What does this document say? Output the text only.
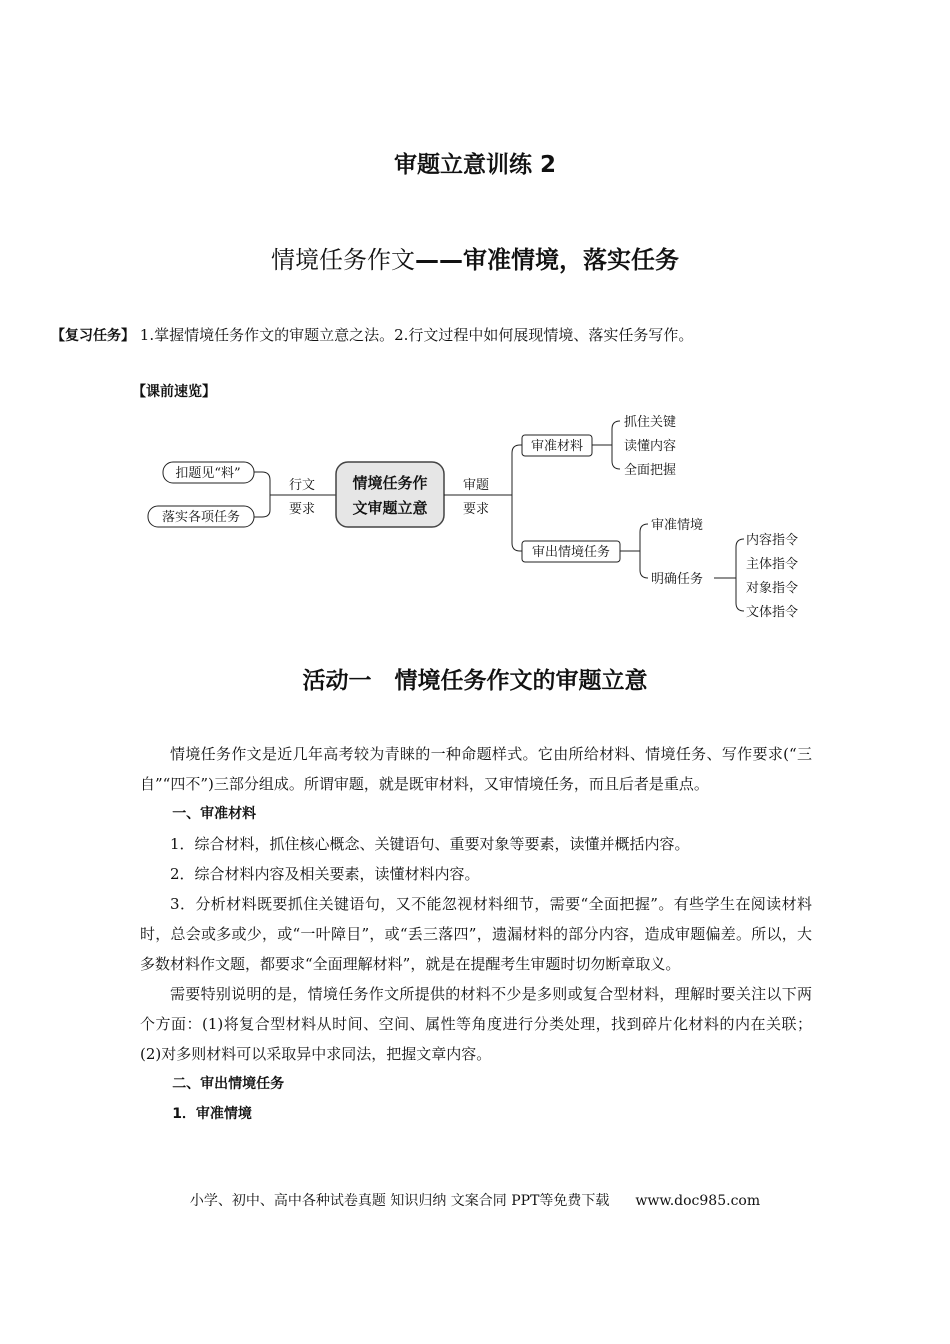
审题立意训练 2
情境任务作文——审准情境，落实任务
【复习任务】 1.掌握情境任务作文的审题立意之法。2.行文过程中如何展现情境、落实任务写作。
【课前速览】
扣题见“料”
落实各项任务
行文
要求
情境任务作
文审题立意
审题
要求
审准材料
抓住关键
读懂内容
全面把握
审出情境任务
审准情境
明确任务
内容指令
主体指令
对象指令
文体指令
活动一　情境任务作文的审题立意

情境任务作文是近几年高考较为青睐的一种命题样式。它由所给材料、情境任务、写作要求(“三自”“四不”)三部分组成。所谓审题，就是既审材料，又审情境任务，而且后者是重点。

一、审准材料

1．综合材料，抓住核心概念、关键语句、重要对象等要素，读懂并概括内容。

2．综合材料内容及相关要素，读懂材料内容。

3．分析材料既要抓住关键语句，又不能忽视材料细节，需要“全面把握”。有些学生在阅读材料时，总会或多或少，或“一叶障目”，或“丢三落四”，遗漏材料的部分内容，造成审题偏差。所以，大多数材料作文题，都要求“全面理解材料”，就是在提醒考生审题时切勿断章取义。

需要特别说明的是，情境任务作文所提供的材料不少是多则或复合型材料，理解时要关注以下两个方面：(1)将复合型材料从时间、空间、属性等角度进行分类处理，找到碎片化材料的内在关联；(2)对多则材料可以采取异中求同法，把握文章内容。

二、审出情境任务
1．审准情境
小学、初中、高中各种试卷真题 知识归纳 文案合同 PPT等免费下载 www.doc985.com
